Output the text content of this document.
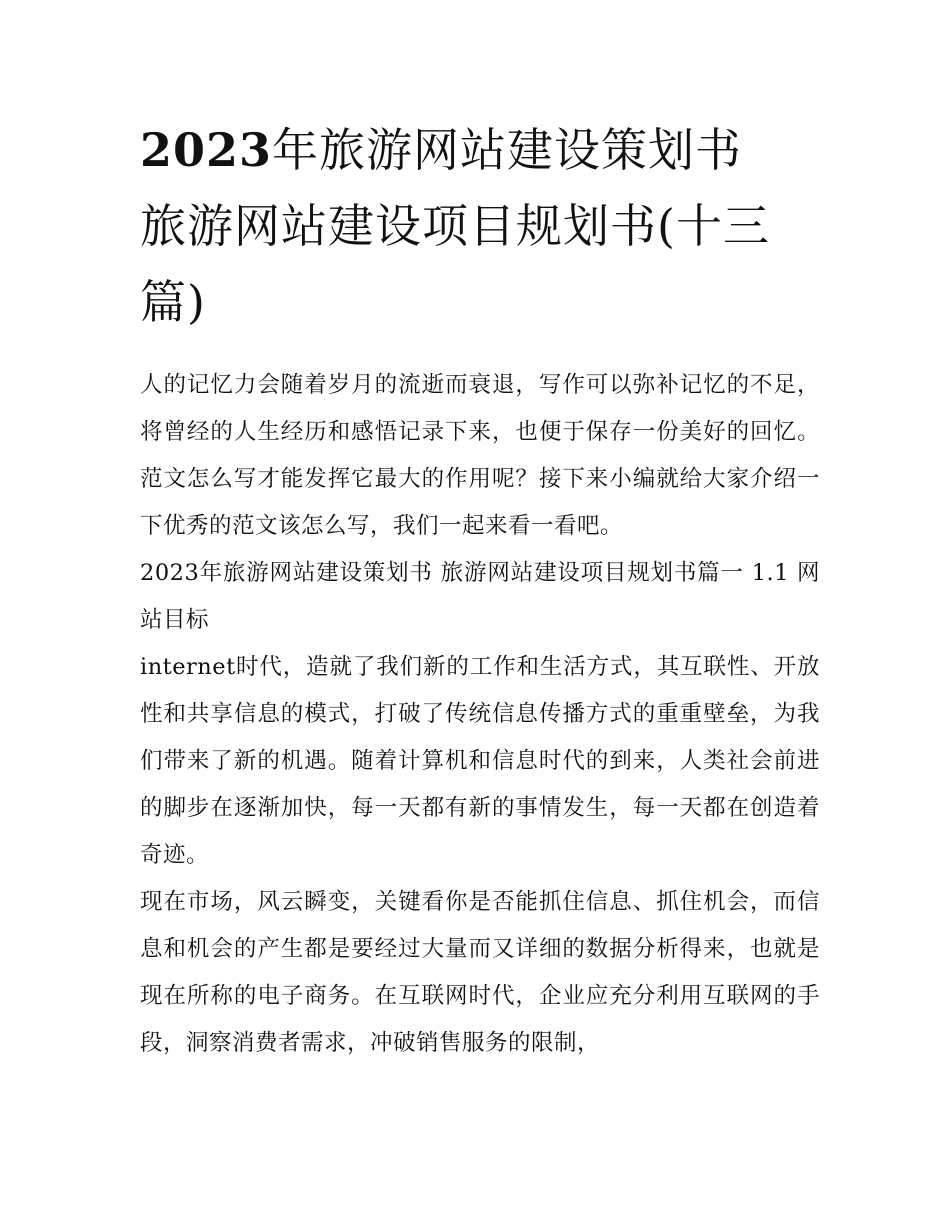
2023年旅游网站建设策划书
旅游网站建设项目规划书(十三篇)

人的记忆力会随着岁月的流逝而衰退，写作可以弥补记忆的不足，将曾经的人生经历和感悟记录下来，也便于保存一份美好的回忆。范文怎么写才能发挥它最大的作用呢？接下来小编就给大家介绍一下优秀的范文该怎么写，我们一起来看一看吧。

2023年旅游网站建设策划书 旅游网站建设项目规划书篇一 1.1 网站目标

internet时代，造就了我们新的工作和生活方式，其互联性、开放性和共享信息的模式，打破了传统信息传播方式的重重壁垒，为我们带来了新的机遇。随着计算机和信息时代的到来，人类社会前进的脚步在逐渐加快，每一天都有新的事情发生，每一天都在创造着奇迹。

现在市场，风云瞬变，关键看你是否能抓住信息、抓住机会，而信息和机会的产生都是要经过大量而又详细的数据分析得来，也就是现在所称的电子商务。在互联网时代，企业应充分利用互联网的手段，洞察消费者需求，冲破销售服务的限制，
